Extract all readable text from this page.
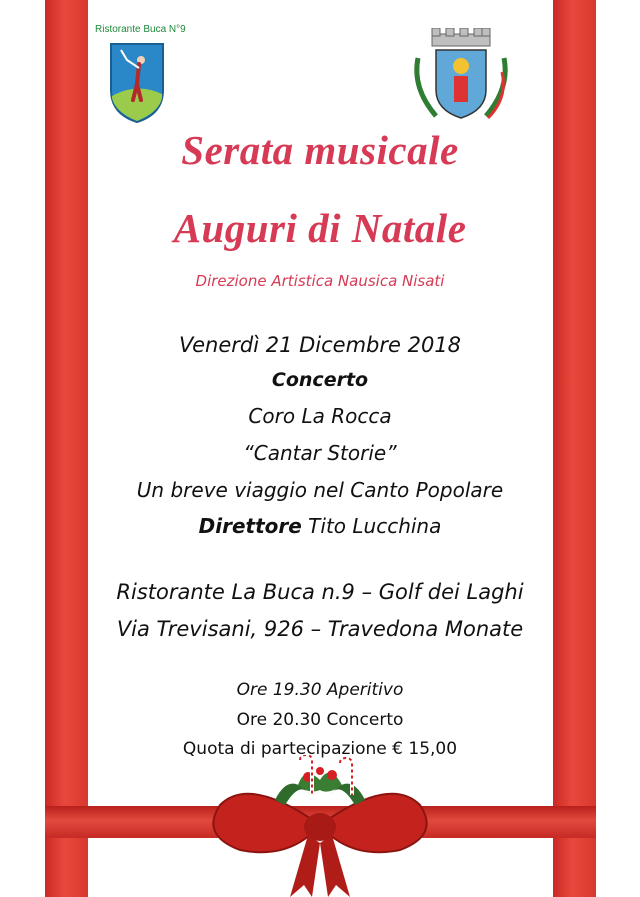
Ristorante Buca N°9
Serata musicale
Auguri di Natale
Direzione Artistica Nausica Nisati
Venerdì 21 Dicembre 2018
Concerto
Coro La Rocca
“Cantar Storie”
Un breve viaggio nel Canto Popolare
Direttore Tito Lucchina
Ristorante La Buca n.9 – Golf dei Laghi
Via Trevisani, 926 – Travedona Monate
Ore 19.30 Aperitivo
Ore 20.30 Concerto
Quota di partecipazione € 15,00
